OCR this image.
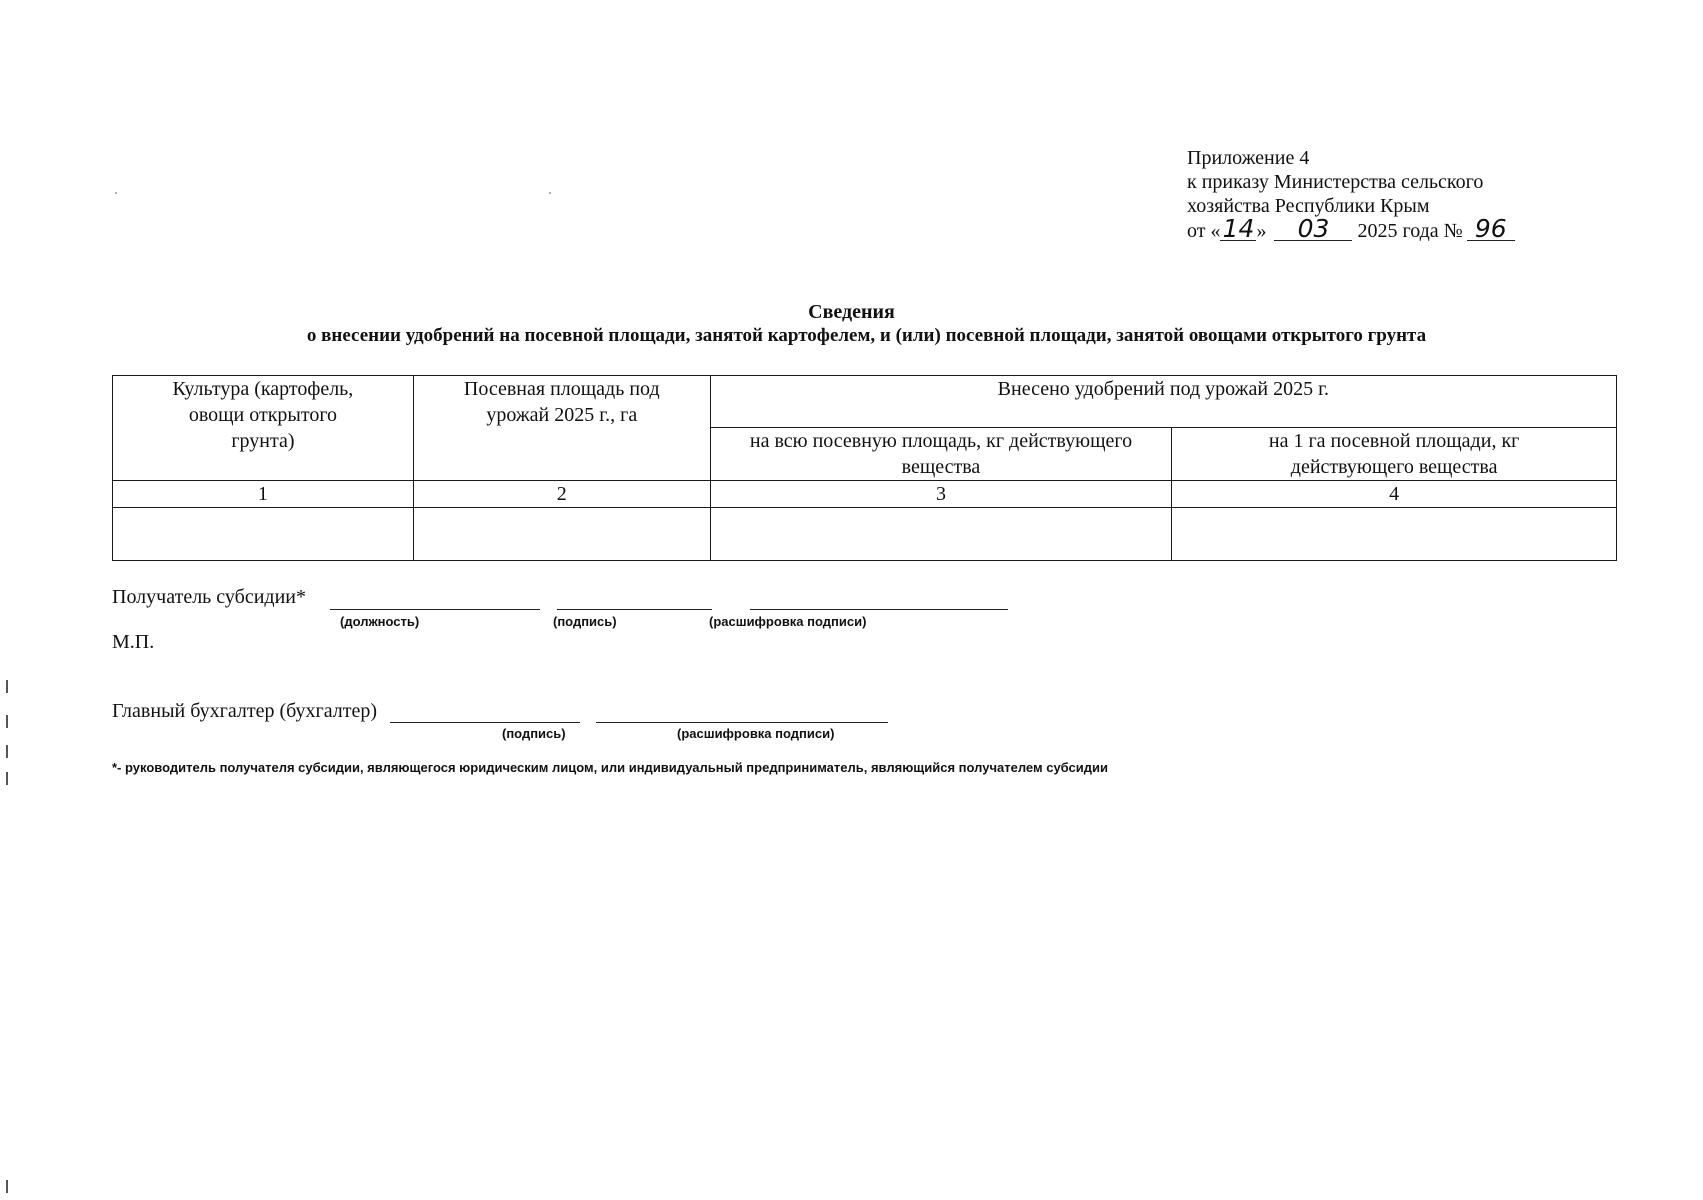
Приложение 4
к приказу Министерства сельского
хозяйства Республики Крым
от «14 » 03 2025 года № 96
Сведения
о внесении удобрений на посевной площади, занятой картофелем, и (или) посевной площади, занятой овощами открытого грунта
Культура (картофель, овощи открытого грунта)	Посевная площадь под урожай 2025 г., га	Внесено удобрений под урожай 2025 г.	

		на всю посевную площадь, кг действующего вещества	на 1 га посевной площади, кг действующего вещества

1	2	3	4

Получатель субсидии*
(должность)	(подпись)	(расшифровка подписи)
М.П.
Главный бухгалтер (бухгалтер)
(подпись)	(расшифровка подписи)
*- руководитель получателя субсидии, являющегося юридическим лицом, или индивидуальный предприниматель, являющийся получателем субсидии
